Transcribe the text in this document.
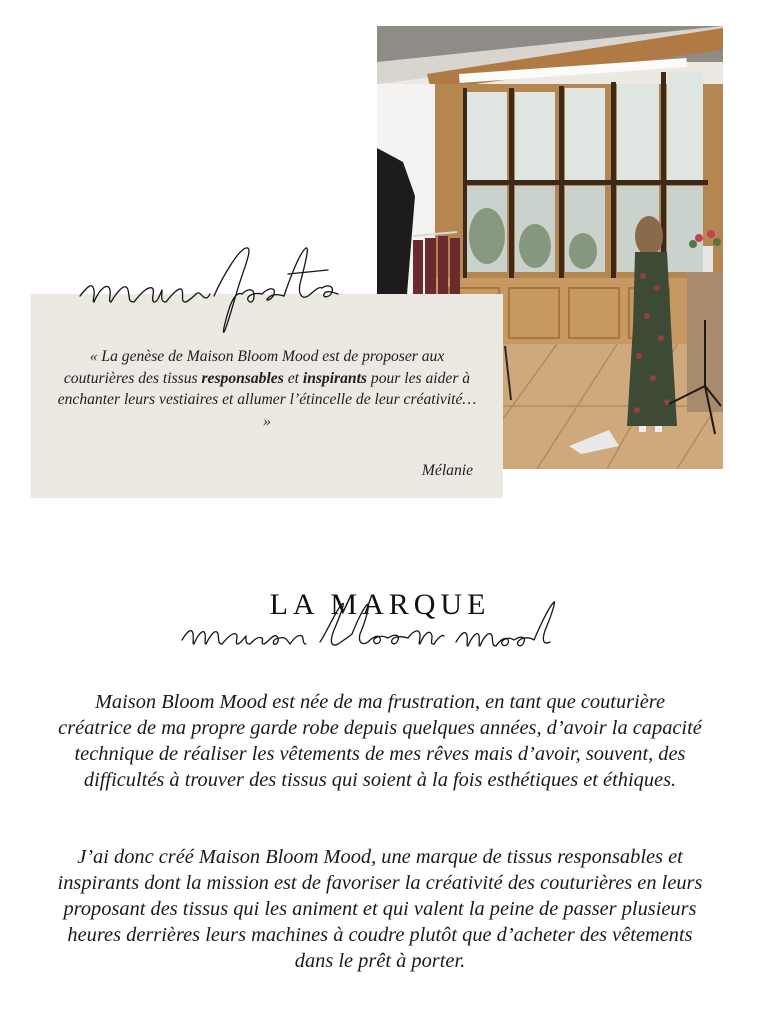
« La genèse de Maison Bloom Mood est de proposer aux couturières des tissus responsables et inspirants pour les aider à enchanter leurs vestiaires et allumer l’étincelle de leur créativité… »

Mélanie
LA MARQUE

Maison Bloom Mood est née de ma frustration, en tant que couturière créatrice de ma propre garde robe depuis quelques années, d’avoir la capacité technique de réaliser les vêtements de mes rêves mais d’avoir, souvent, des difficultés à trouver des tissus qui soient à la fois esthétiques et éthiques.

J’ai donc créé Maison Bloom Mood, une marque de tissus responsables et inspirants dont la mission est de favoriser la créativité des couturières en leurs proposant des tissus qui les animent et qui valent la peine de passer plusieurs heures derrières leurs machines à coudre plutôt que d’acheter des vêtements dans le prêt à porter.
